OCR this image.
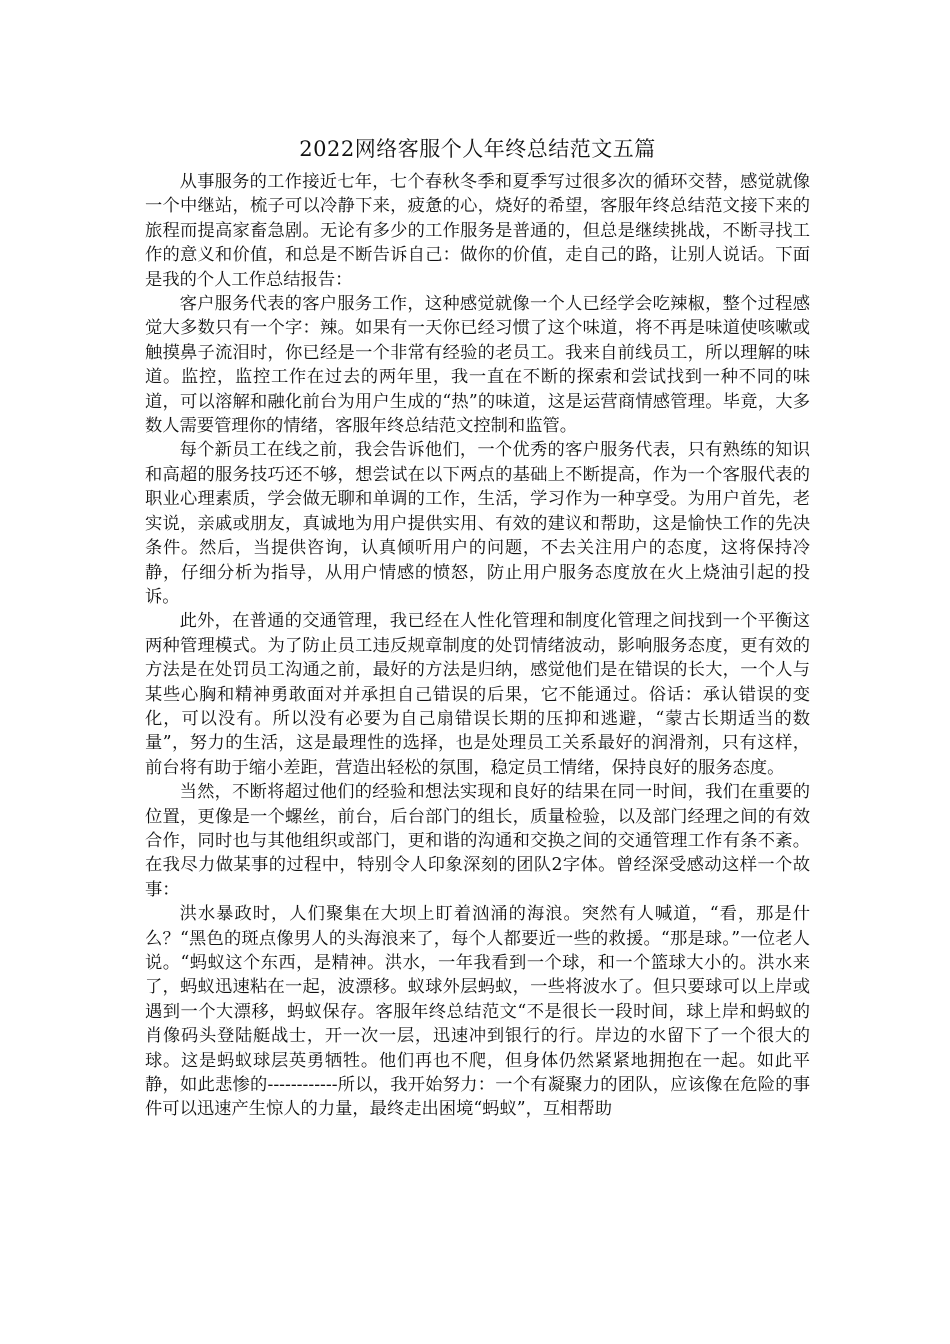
2022网络客服个人年终总结范文五篇

从事服务的工作接近七年，七个春秋冬季和夏季写过很多次的循环交替，感觉就像一个中继站，梳子可以冷静下来，疲惫的心，烧好的希望，客服年终总结范文接下来的旅程而提高家畜急剧。无论有多少的工作服务是普通的，但总是继续挑战，不断寻找工作的意义和价值，和总是不断告诉自己：做你的价值，走自己的路，让别人说话。下面是我的个人工作总结报告：

客户服务代表的客户服务工作，这种感觉就像一个人已经学会吃辣椒，整个过程感觉大多数只有一个字：辣。如果有一天你已经习惯了这个味道，将不再是味道使咳嗽或触摸鼻子流泪时，你已经是一个非常有经验的老员工。我来自前线员工，所以理解的味道。监控，监控工作在过去的两年里，我一直在不断的探索和尝试找到一种不同的味道，可以溶解和融化前台为用户生成的“热”的味道，这是运营商情感管理。毕竟，大多数人需要管理你的情绪，客服年终总结范文控制和监管。

每个新员工在线之前，我会告诉他们，一个优秀的客户服务代表，只有熟练的知识和高超的服务技巧还不够，想尝试在以下两点的基础上不断提高，作为一个客服代表的职业心理素质，学会做无聊和单调的工作，生活，学习作为一种享受。为用户首先，老实说，亲戚或朋友，真诚地为用户提供实用、有效的建议和帮助，这是愉快工作的先决条件。然后，当提供咨询，认真倾听用户的问题，不去关注用户的态度，这将保持冷静，仔细分析为指导，从用户情感的愤怒，防止用户服务态度放在火上烧油引起的投诉。

此外，在普通的交通管理，我已经在人性化管理和制度化管理之间找到一个平衡这两种管理模式。为了防止员工违反规章制度的处罚情绪波动，影响服务态度，更有效的方法是在处罚员工沟通之前，最好的方法是归纳，感觉他们是在错误的长大，一个人与某些心胸和精神勇敢面对并承担自己错误的后果，它不能通过。俗话：承认错误的变化，可以没有。所以没有必要为自己扇错误长期的压抑和逃避，“蒙古长期适当的数量”，努力的生活，这是最理性的选择，也是处理员工关系最好的润滑剂，只有这样，前台将有助于缩小差距，营造出轻松的氛围，稳定员工情绪，保持良好的服务态度。

当然，不断将超过他们的经验和想法实现和良好的结果在同一时间，我们在重要的位置，更像是一个螺丝，前台，后台部门的组长，质量检验，以及部门经理之间的有效合作，同时也与其他组织或部门，更和谐的沟通和交换之间的交通管理工作有条不紊。在我尽力做某事的过程中，特别令人印象深刻的团队2字体。曾经深受感动这样一个故事：

洪水暴政时，人们聚集在大坝上盯着汹涌的海浪。突然有人喊道，“看，那是什么？“黑色的斑点像男人的头海浪来了，每个人都要近一些的救援。“那是球。”一位老人说。“蚂蚁这个东西，是精神。洪水，一年我看到一个球，和一个篮球大小的。洪水来了，蚂蚁迅速粘在一起，波漂移。蚁球外层蚂蚁，一些将波水了。但只要球可以上岸或遇到一个大漂移，蚂蚁保存。客服年终总结范文“不是很长一段时间，球上岸和蚂蚁的肖像码头登陆艇战士，开一次一层，迅速冲到银行的行。岸边的水留下了一个很大的球。这是蚂蚁球层英勇牺牲。他们再也不爬，但身体仍然紧紧地拥抱在一起。如此平静，如此悲惨的------------所以，我开始努力：一个有凝聚力的团队，应该像在危险的事件可以迅速产生惊人的力量，最终走出困境“蚂蚁”，互相帮助
